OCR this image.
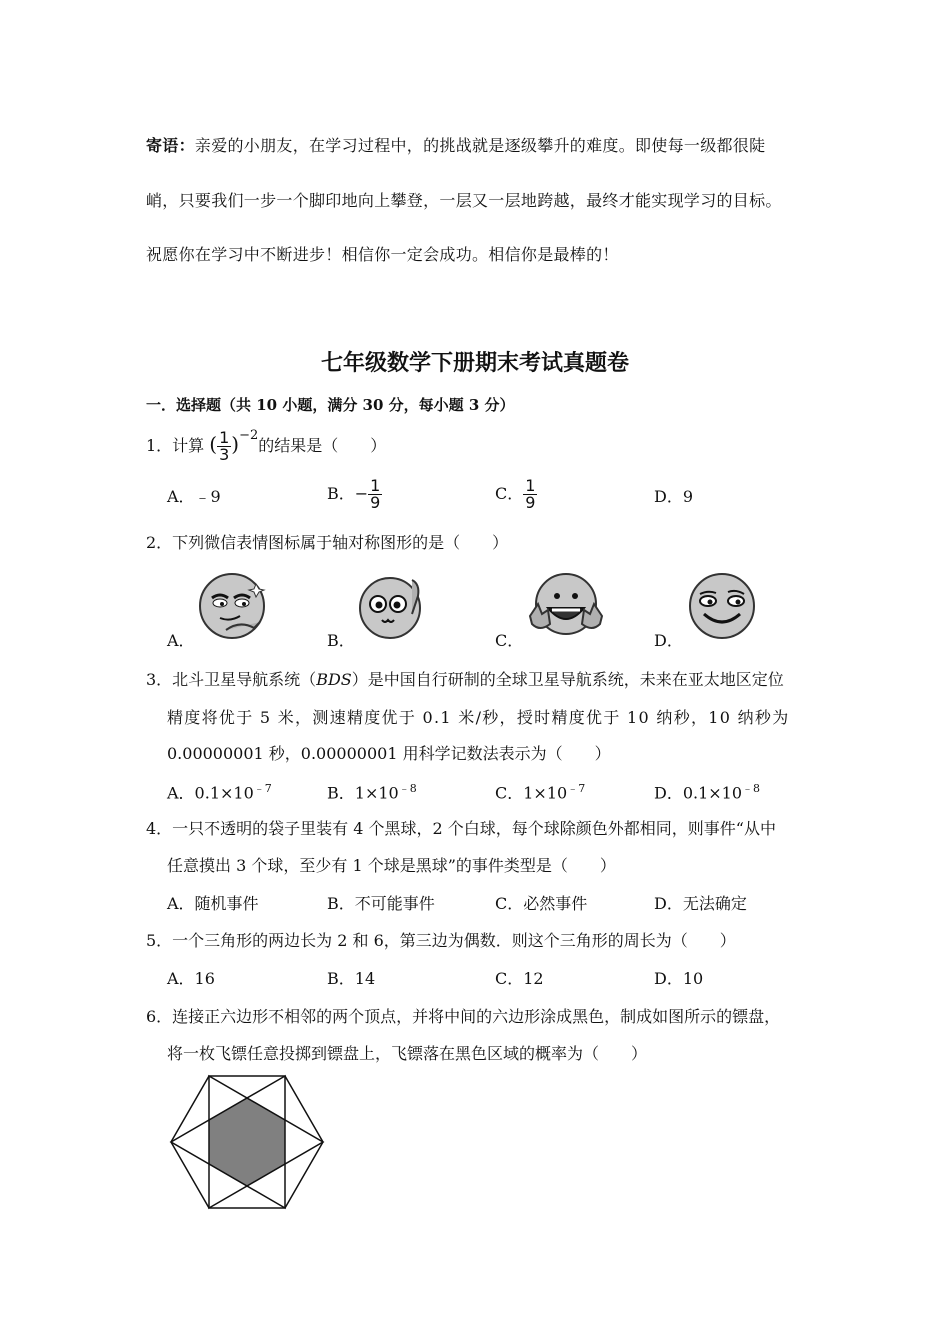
寄语：亲爱的小朋友，在学习过程中，的挑战就是逐级攀升的难度。即使每一级都很陡
峭，只要我们一步一个脚印地向上攀登，一层又一层地跨越，最终才能实现学习的目标。
祝愿你在学习中不断进步！相信你一定会成功。相信你是最棒的！
七年级数学下册期末考试真题卷
一．选择题（共 10 小题，满分 30 分，每小题 3 分）
1．计算 ( $\frac{1}{3} )^{-2}$的结果是（　　）
A．﹣9	B．− $\frac{1}{9}$	C． $\frac{1}{9}$	D．9
2．下列微信表情图标属于轴对称图形的是（　　）
A．	B．	C．	D．
3．北斗卫星导航系统（BDS）是中国自行研制的全球卫星导航系统，未来在亚太地区定位
精度将优于 5 米，测速精度优于 0.1 米/秒，授时精度优于 10 纳秒，10 纳秒为
0.00000001 秒，0.00000001 用科学记数法表示为（　　）
A．$0.1\times 10^{﹣7}$	B．$1\times 10^{﹣8}$	C．$1\times 10^{﹣7}$	D．$0.1\times 10^{﹣8}$
4．一只不透明的袋子里装有 4 个黑球，2 个白球，每个球除颜色外都相同，则事件“从中
任意摸出 3 个球，至少有 1 个球是黑球”的事件类型是（　　）
A．随机事件	B．不可能事件	C．必然事件	D．无法确定
5．一个三角形的两边长为 2 和 6，第三边为偶数．则这个三角形的周长为（　　）
A．16	B．14	C．12	D．10
6．连接正六边形不相邻的两个顶点，并将中间的六边形涂成黑色，制成如图所示的镖盘，
将一枚飞镖任意投掷到镖盘上，飞镖落在黑色区域的概率为（　　）
